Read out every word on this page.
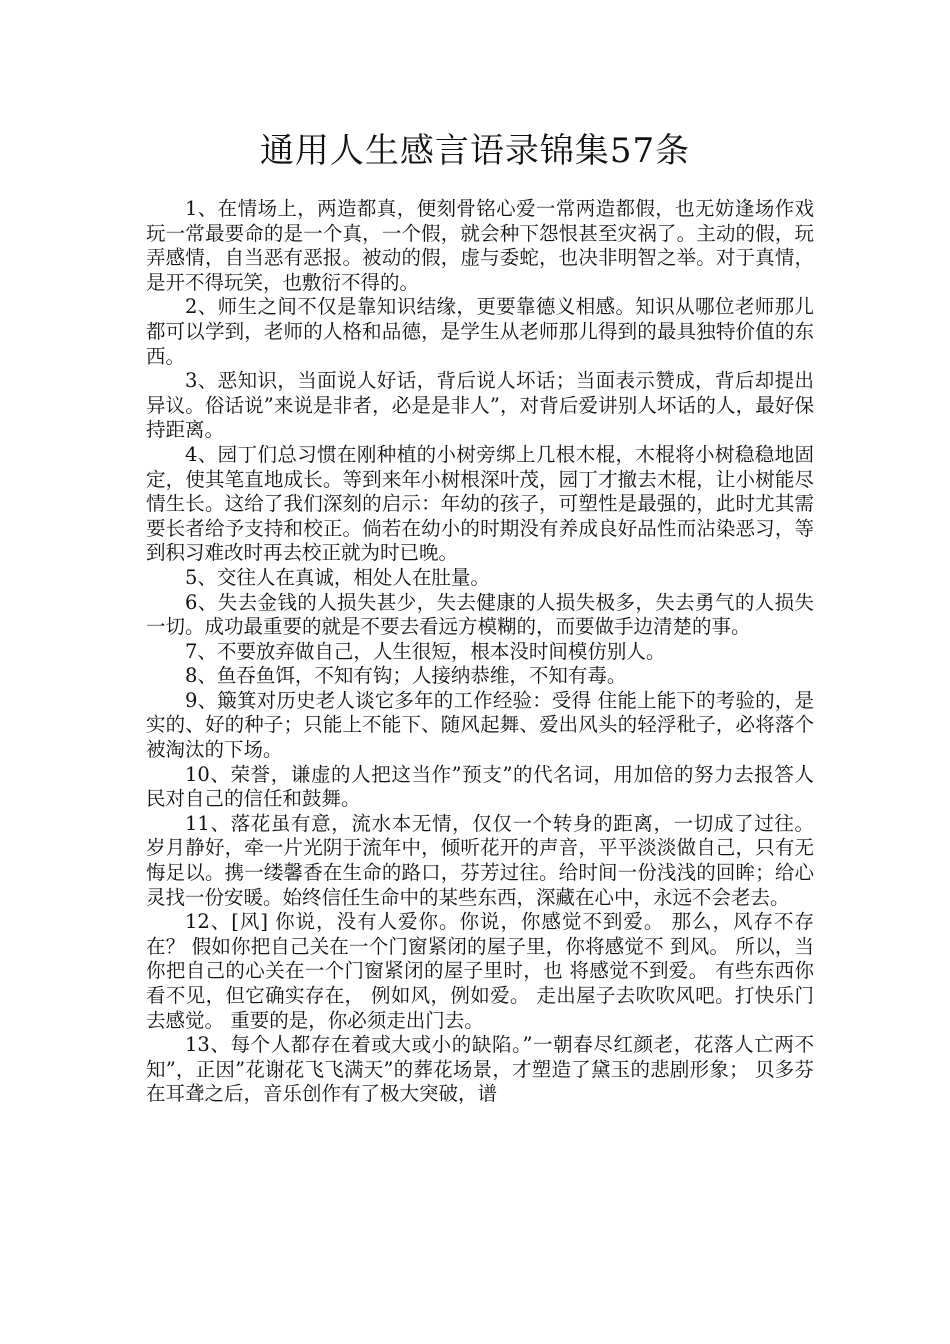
通用人生感言语录锦集57条

1、在情场上，两造都真，便刻骨铭心爱一常两造都假，也无妨逢场作戏玩一常最要命的是一个真，一个假，就会种下怨恨甚至灾祸了。主动的假，玩弄感情，自当恶有恶报。被动的假，虚与委蛇，也决非明智之举。对于真情，是开不得玩笑，也敷衍不得的。

2、师生之间不仅是靠知识结缘，更要靠德义相感。知识从哪位老师那儿都可以学到，老师的人格和品德，是学生从老师那儿得到的最具独特价值的东西。

3、恶知识，当面说人好话，背后说人坏话；当面表示赞成，背后却提出异议。俗话说”来说是非者，必是是非人”，对背后爱讲别人坏话的人，最好保持距离。

4、园丁们总习惯在刚种植的小树旁绑上几根木棍，木棍将小树稳稳地固定，使其笔直地成长。等到来年小树根深叶茂，园丁才撤去木棍，让小树能尽情生长。这给了我们深刻的启示：年幼的孩子，可塑性是最强的，此时尤其需要长者给予支持和校正。倘若在幼小的时期没有养成良好品性而沾染恶习，等到积习难改时再去校正就为时已晚。

5、交往人在真诚，相处人在肚量。

6、失去金钱的人损失甚少，失去健康的人损失极多，失去勇气的人损失一切。成功最重要的就是不要去看远方模糊的，而要做手边清楚的事。

7、不要放弃做自己，人生很短，根本没时间模仿别人。

8、鱼吞鱼饵，不知有钩；人接纳恭维，不知有毒。

9、簸箕对历史老人谈它多年的工作经验：受得 住能上能下的考验的，是实的、好的种子；只能上不能下、随风起舞、爱出风头的轻浮秕子，必将落个被淘汰的下场。

10、荣誉，谦虚的人把这当作”预支”的代名词，用加倍的努力去报答人民对自己的信任和鼓舞。

11、落花虽有意，流水本无情，仅仅一个转身的距离，一切成了过往。岁月静好，牵一片光阴于流年中，倾听花开的声音，平平淡淡做自己，只有无悔足以。携一缕馨香在生命的路口，芬芳过往。给时间一份浅浅的回眸；给心灵找一份安暖。始终信任生命中的某些东西，深藏在心中，永远不会老去。

12、[风] 你说，没有人爱你。你说，你感觉不到爱。 那么，风存不存在？ 假如你把自己关在一个门窗紧闭的屋子里，你将感觉不 到风。 所以，当你把自己的心关在一个门窗紧闭的屋子里时，也 将感觉不到爱。 有些东西你看不见，但它确实存在， 例如风，例如爱。 走出屋子去吹吹风吧。打快乐门去感觉。 重要的是，你必须走出门去。

13、每个人都存在着或大或小的缺陷。”一朝春尽红颜老，花落人亡两不 知”，正因”花谢花飞飞满天”的葬花场景，才塑造了黛玉的悲剧形象； 贝多芬在耳聋之后，音乐创作有了极大突破，谱
